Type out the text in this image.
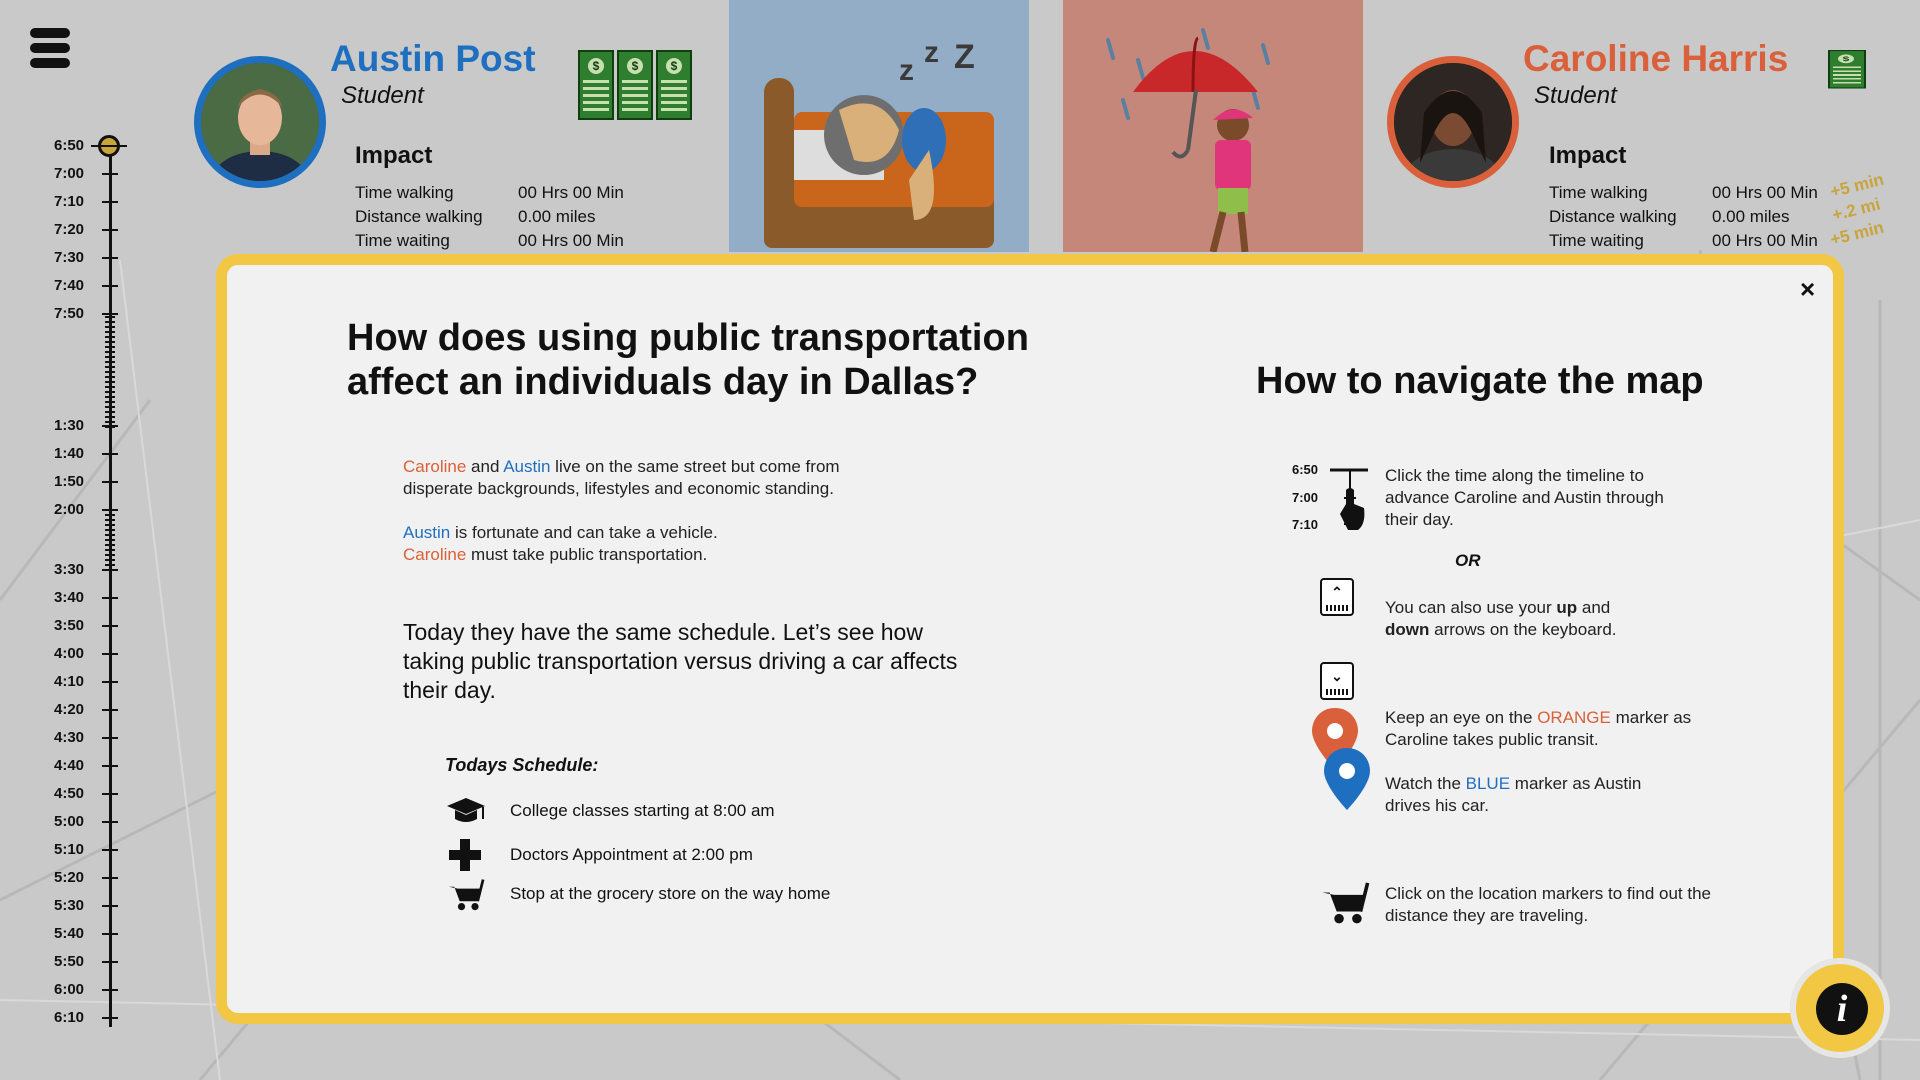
6:50
7:00
7:10
7:20
7:30
7:40
7:50
1:30
1:40
1:50
2:00
3:30
3:40
3:50
4:00
4:10
4:20
4:30
4:40
4:50
5:00
5:10
5:20
5:30
5:40
5:50
6:00
6:10
Austin Post
Student
$
$
$
Impact
Time walking	00 Hrs 00 Min
Distance walking	0.00 miles
Time waiting	00 Hrs 00 Min
z
z Z	Caroline Harris
Student
$
Impact
Time walking	00 Hrs 00 Min
Distance walking	0.00 miles
Time waiting	00 Hrs 00 Min
+5 min
+.2 mi
+5 min
×
How does using public transportation affect an individuals day in Dallas?
Caroline and Austin live on the same street but come from disperate backgrounds, lifestyles and economic standing.
Austin is fortunate and can take a vehicle.
Caroline must take public transportation.
Today they have the same schedule. Let’s see how taking public transportation versus driving a car affects their day.
Todays Schedule:
College classes starting at 8:00 am
Doctors Appointment at 2:00 pm
Stop at the grocery store on the way home
How to navigate the map
6:50
7:00
7:10
Click the time along the timeline to advance Caroline and Austin through their day.
OR
⌃
⌄
You can also use your up and down arrows on the keyboard.
Keep an eye on the ORANGE marker as Caroline takes public transit.
Watch the BLUE marker as Austin drives his car.
Click on the location markers to find out the distance they are traveling.
i
